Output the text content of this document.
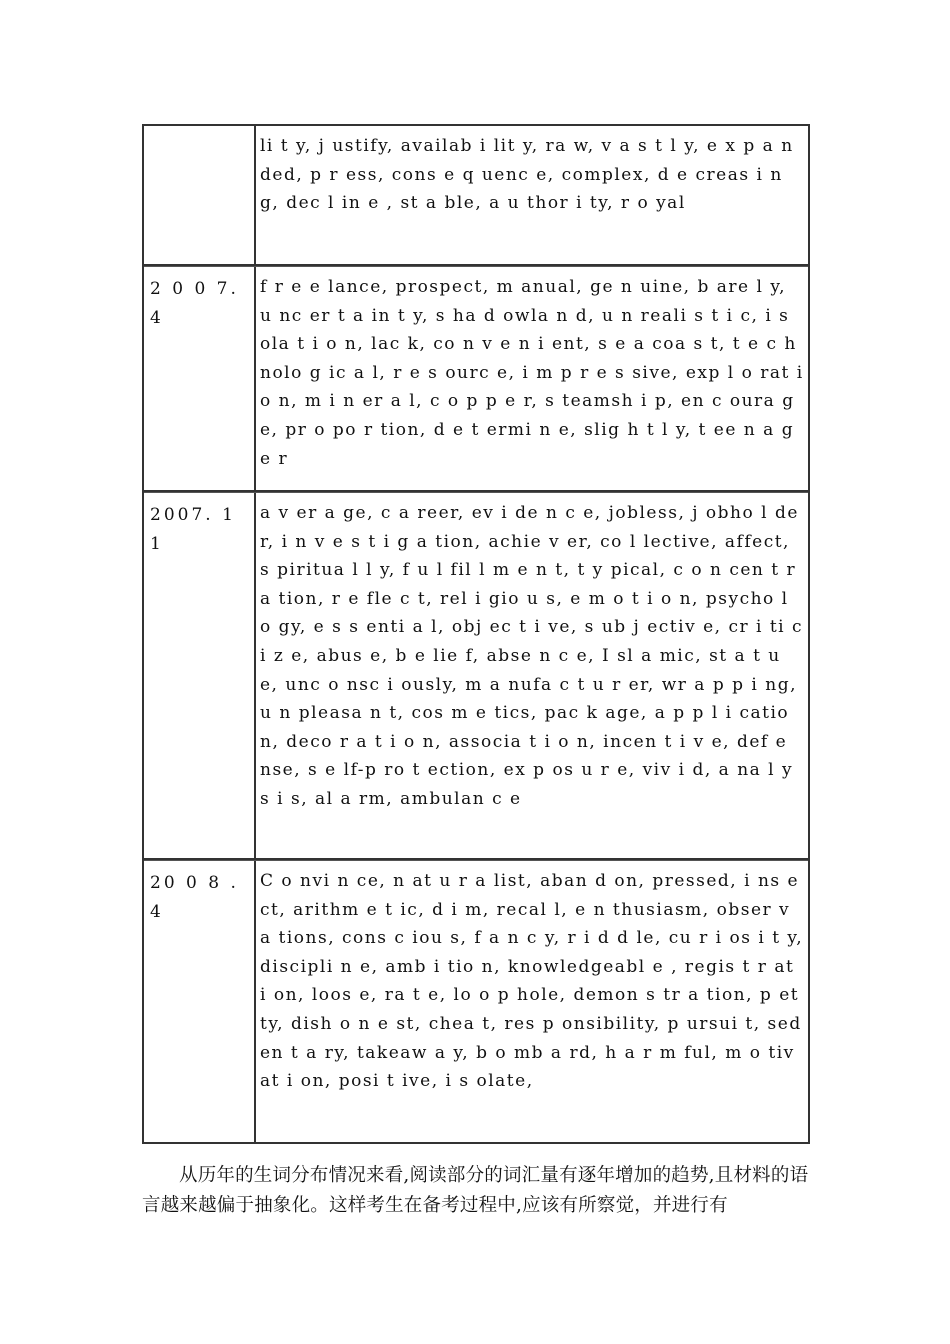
li t y, j ustify, availab i lit y, ra w, v a s t l y, e x p a nded, p r ess, cons e q uenc e, complex, d e creas i n g, dec l in e , st a ble, a u thor i ty, r o yal
2 0 0 7.4
f r e e lance, prospect, m anual, ge n uine, b are l y, u nc er t a in t y, s ha d owla n d, u n reali s t i c, i s ola t i o n, lac k, co n v e n i ent, s e a coa s t, t e c h nolo g ic a l, r e s ourc e, i m p r e s sive, exp l o rat i o n, m i n er a l, c o p p e r, s teamsh i p, en c oura g e, pr o po r tion, d e t ermi n e, slig h t l y, t ee n a g e r
2007. 1 1
a v er a ge, c a reer, ev i de n c e, jobless, j obho l der, i n v e s t i g a tion, achie v er, co l lective, affect, s piritua l l y, f u l fil l m e n t, t y pical, c o n cen t r a tion, r e fle c t, rel i gio u s, e m o t i o n, psycho l o gy, e s s enti a l, obj ec t i ve, s ub j ectiv e, cr i ti c i z e, abus e, b e lie f, abse n c e, I sl a mic, st a t u e, unc o nsc i ously, m a nufa c t u r er, wr a p p i ng, u n pleasa n t, cos m e tics, pac k age, a p p l i cation, deco r a t i o n, associa t i o n, incen t i v e, def e nse, s e lf-p ro t ection, ex p os u r e, viv i d, a na l y s i s, al a rm, ambulan c e
20 0 8 . 4
C o nvi n ce, n at u r a list, aban d on, pressed, i ns e ct, arithm e t ic, d i m, recal l, e n thusiasm, obser v a tions, cons c iou s, f a n c y, r i d d le, cu r i os i t y, discipli n e, amb i tio n, knowledgeabl e , regis t r at i on, loos e, ra t e, lo o p hole, demon s tr a tion, p etty, dish o n e st, chea t, res p onsibility, p ursui t, seden t a ry, takeaw a y, b o mb a rd, h a r m ful, m o tivat i on, posi t ive, i s olate,

从历年的生词分布情况来看,阅读部分的词汇量有逐年增加的趋势,且材料的语言越来越偏于抽象化。这样考生在备考过程中,应该有所察觉，并进行有
